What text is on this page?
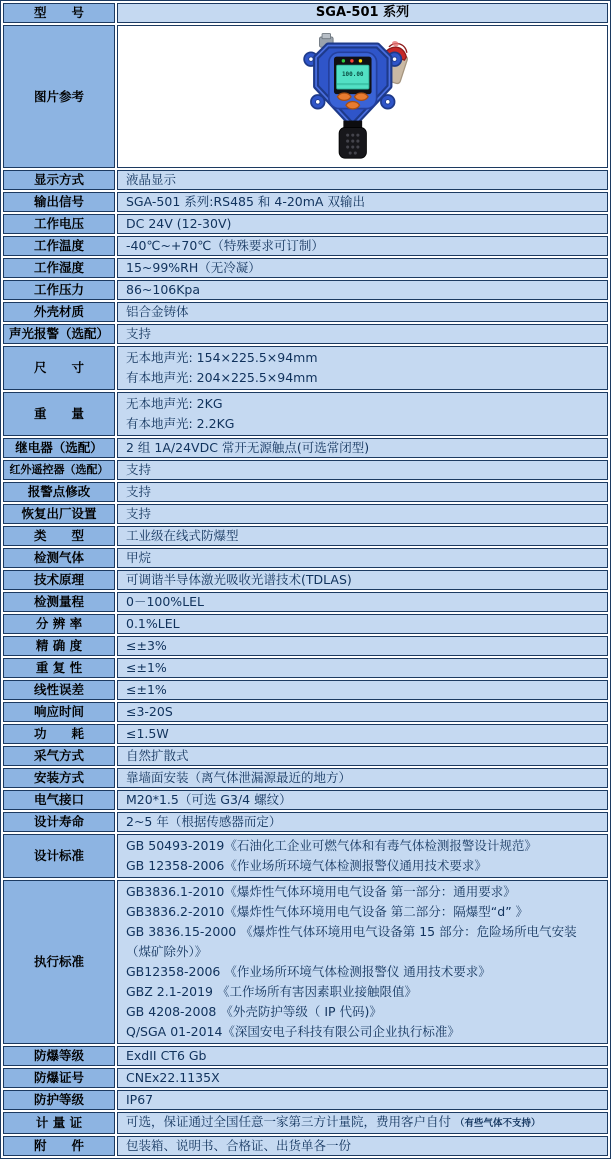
型　　号	SGA-501 系列

图片参考	100.00

显示方式	液晶显示

输出信号	SGA-501 系列:RS485 和 4-20mA 双输出

工作电压	DC 24V (12-30V)

工作温度	-40℃~+70℃（特殊要求可订制）

工作湿度	15~99%RH（无冷凝）

工作压力	86~106Kpa

外壳材质	铝合金铸体

声光报警（选配）	支持

尺　　寸	无本地声光: 154×225.5×94mm
有本地声光: 204×225.5×94mm

重　　量	无本地声光: 2KG
有本地声光: 2.2KG

继电器（选配）	2 组 1A/24VDC 常开无源触点(可选常闭型)

红外遥控器（选配）	支持

报警点修改	支持

恢复出厂设置	支持

类　　型	工业级在线式防爆型

检测气体	甲烷

技术原理	可调谐半导体激光吸收光谱技术(TDLAS)

检测量程	0－100%LEL

分 辨 率	0.1%LEL

精 确 度	≤±3%

重 复 性	≤±1%

线性误差	≤±1%

响应时间	≤3-20S

功　　耗	≤1.5W

采气方式	自然扩散式

安装方式	靠墙面安装（离气体泄漏源最近的地方）

电气接口	M20*1.5（可选 G3/4 螺纹）

设计寿命	2~5 年（根据传感器而定）

设计标准	GB 50493-2019《石油化工企业可燃气体和有毒气体检测报警设计规范》
GB 12358-2006《作业场所环境气体检测报警仪通用技术要求》

执行标准	
GB3836.1-2010《爆炸性气体环境用电气设备 第一部分：通用要求》
GB3836.2-2010《爆炸性气体环境用电气设备 第二部分：隔爆型“d” 》
GB 3836.15-2000 《爆炸性气体环境用电气设备第 15 部分：危险场所电气安装（煤矿除外）》
GB12358-2006 《作业场所环境气体检测报警仪 通用技术要求》
GBZ 2.1-2019 《工作场所有害因素职业接触限值》
GB 4208-2008 《外壳防护等级（ IP 代码)》
Q/SGA 01-2014《深国安电子科技有限公司企业执行标准》

防爆等级	ExdII CT6 Gb

防爆证号	CNEx22.1135X

防护等级	IP67

计 量 证	可选，保证通过全国任意一家第三方计量院，费用客户自付 （有些气体不支持）

附　　件	包装箱、说明书、合格证、出货单各一份
